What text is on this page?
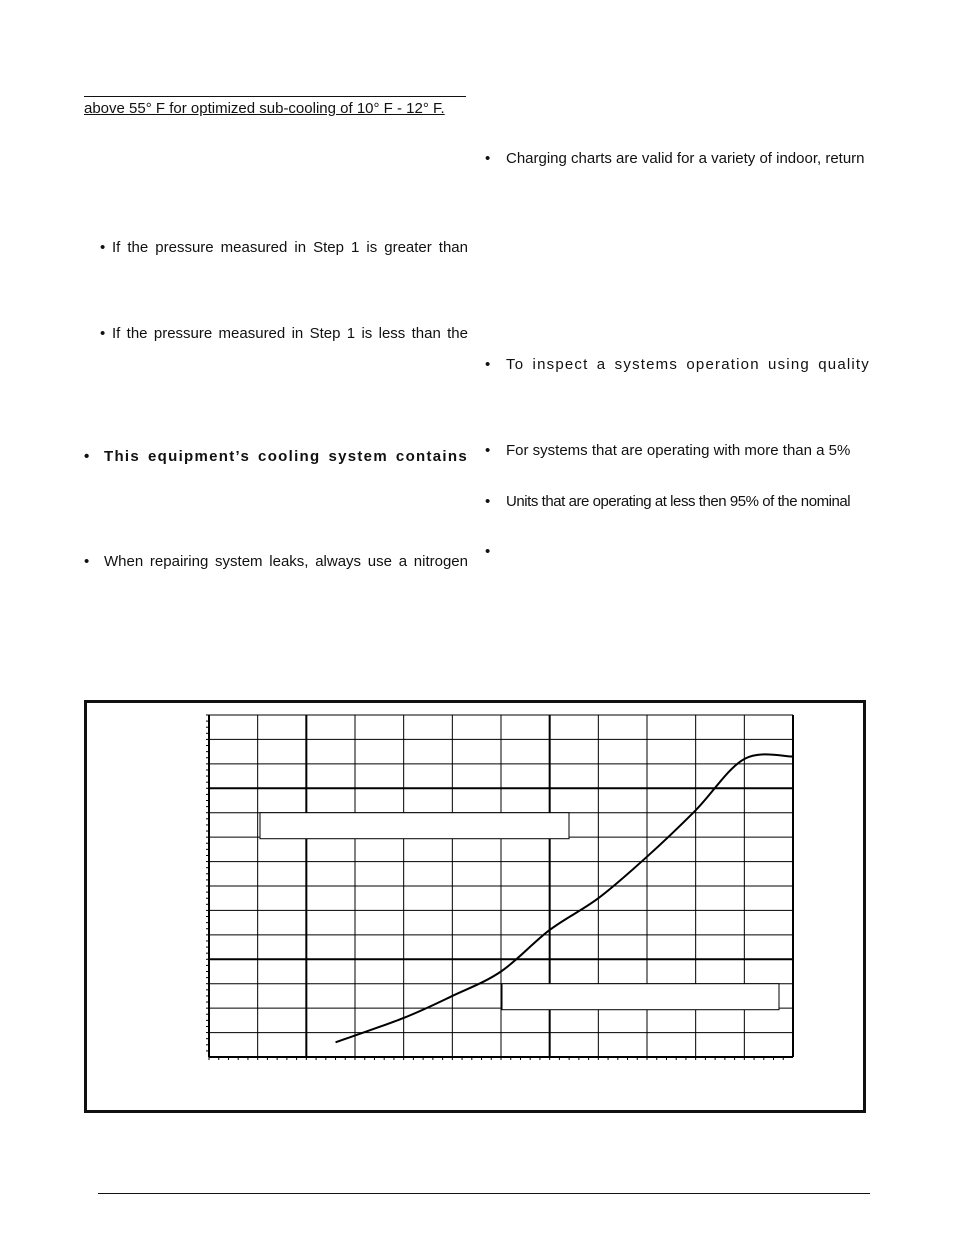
above 55° F for optimized sub-cooling of 10° F - 12° F.
• If the pressure measured in Step 1 is greater than
• If the pressure measured in Step 1 is less than the
• This equipment’s cooling system contains
• When repairing system leaks, always use a nitrogen
• Charging charts are valid for a variety of indoor, return
• To inspect a systems operation using quality
• For systems that are operating with more than a 5%
• Units that are operating at less then 95% of the nominal
•
